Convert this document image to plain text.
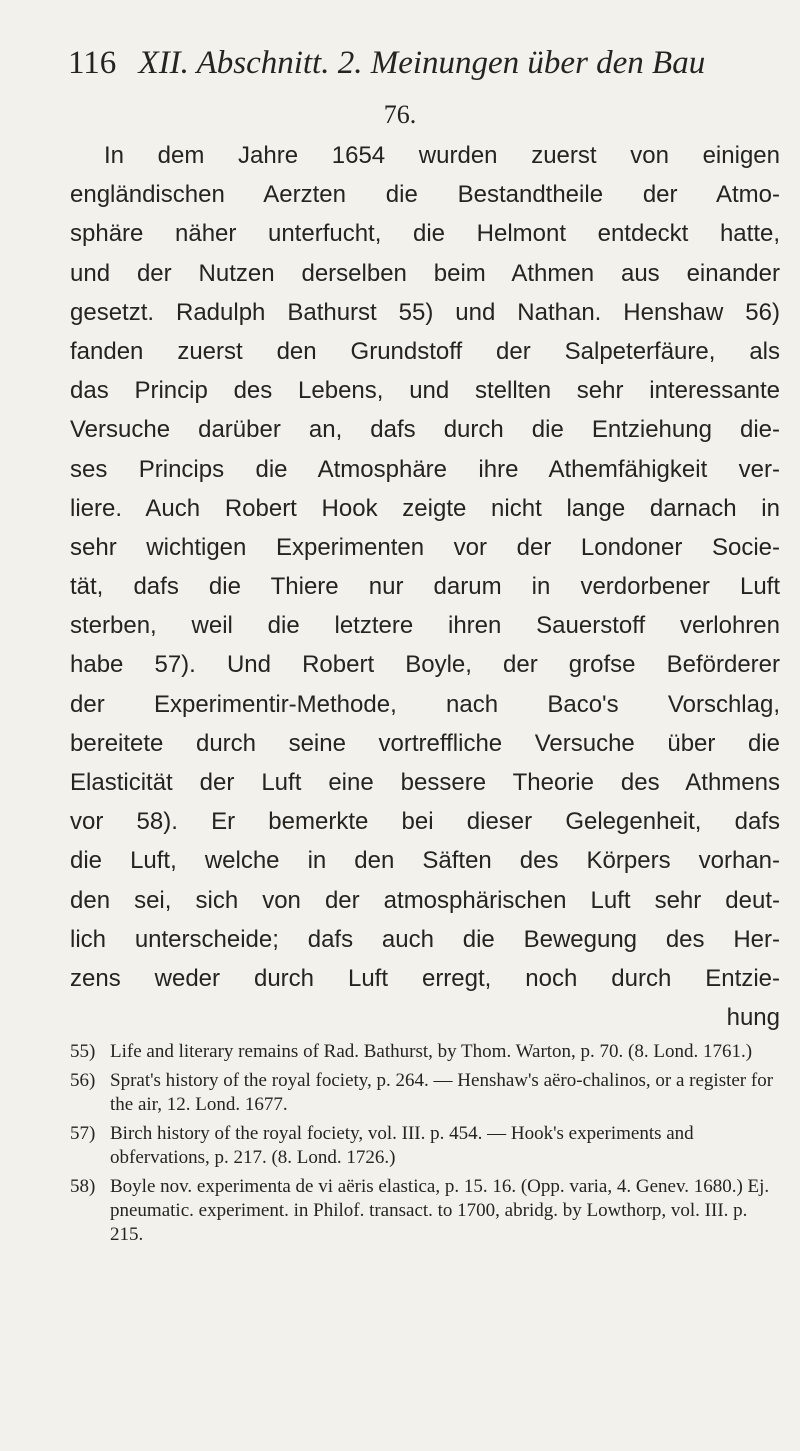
116 XII. Abschnitt. 2. Meinungen über den Bau
76.
In dem Jahre 1654 wurden zuerst von einigen
engländischen Aerzten die Bestandtheile der Atmo-
sphäre näher unterfucht, die Helmont entdeckt hatte,
und der Nutzen derselben beim Athmen aus einander
gesetzt. Radulph Bathurst 55) und Nathan. Henshaw 56)
fanden zuerst den Grundstoff der Salpeterfäure, als
das Princip des Lebens, und stellten sehr interessante
Versuche darüber an, dafs durch die Entziehung die-
ses Princips die Atmosphäre ihre Athemfähigkeit ver-
liere. Auch Robert Hook zeigte nicht lange darnach in
sehr wichtigen Experimenten vor der Londoner Socie-
tät, dafs die Thiere nur darum in verdorbener Luft
sterben, weil die letztere ihren Sauerstoff verlohren
habe 57). Und Robert Boyle, der grofse Beförderer
der Experimentir-Methode, nach Baco's Vorschlag,
bereitete durch seine vortreffliche Versuche über die
Elasticität der Luft eine bessere Theorie des Athmens
vor 58). Er bemerkte bei dieser Gelegenheit, dafs
die Luft, welche in den Säften des Körpers vorhan-
den sei, sich von der atmosphärischen Luft sehr deut-
lich unterscheide; dafs auch die Bewegung des Her-
zens weder durch Luft erregt, noch durch Entzie-
hung
55) Life and literary remains of Rad. Bathurst, by Thom. Warton, p. 70. (8. Lond. 1761.)
56) Sprat's history of the royal fociety, p. 264. — Henshaw's aëro-chalinos, or a register for the air, 12. Lond. 1677.
57) Birch history of the royal fociety, vol. III. p. 454. — Hook's experiments and obfervations, p. 217. (8. Lond. 1726.)
58) Boyle nov. experimenta de vi aëris elastica, p. 15. 16. (Opp. varia, 4. Genev. 1680.) Ej. pneumatic. experiment. in Philof. transact. to 1700, abridg. by Lowthorp, vol. III. p. 215.
